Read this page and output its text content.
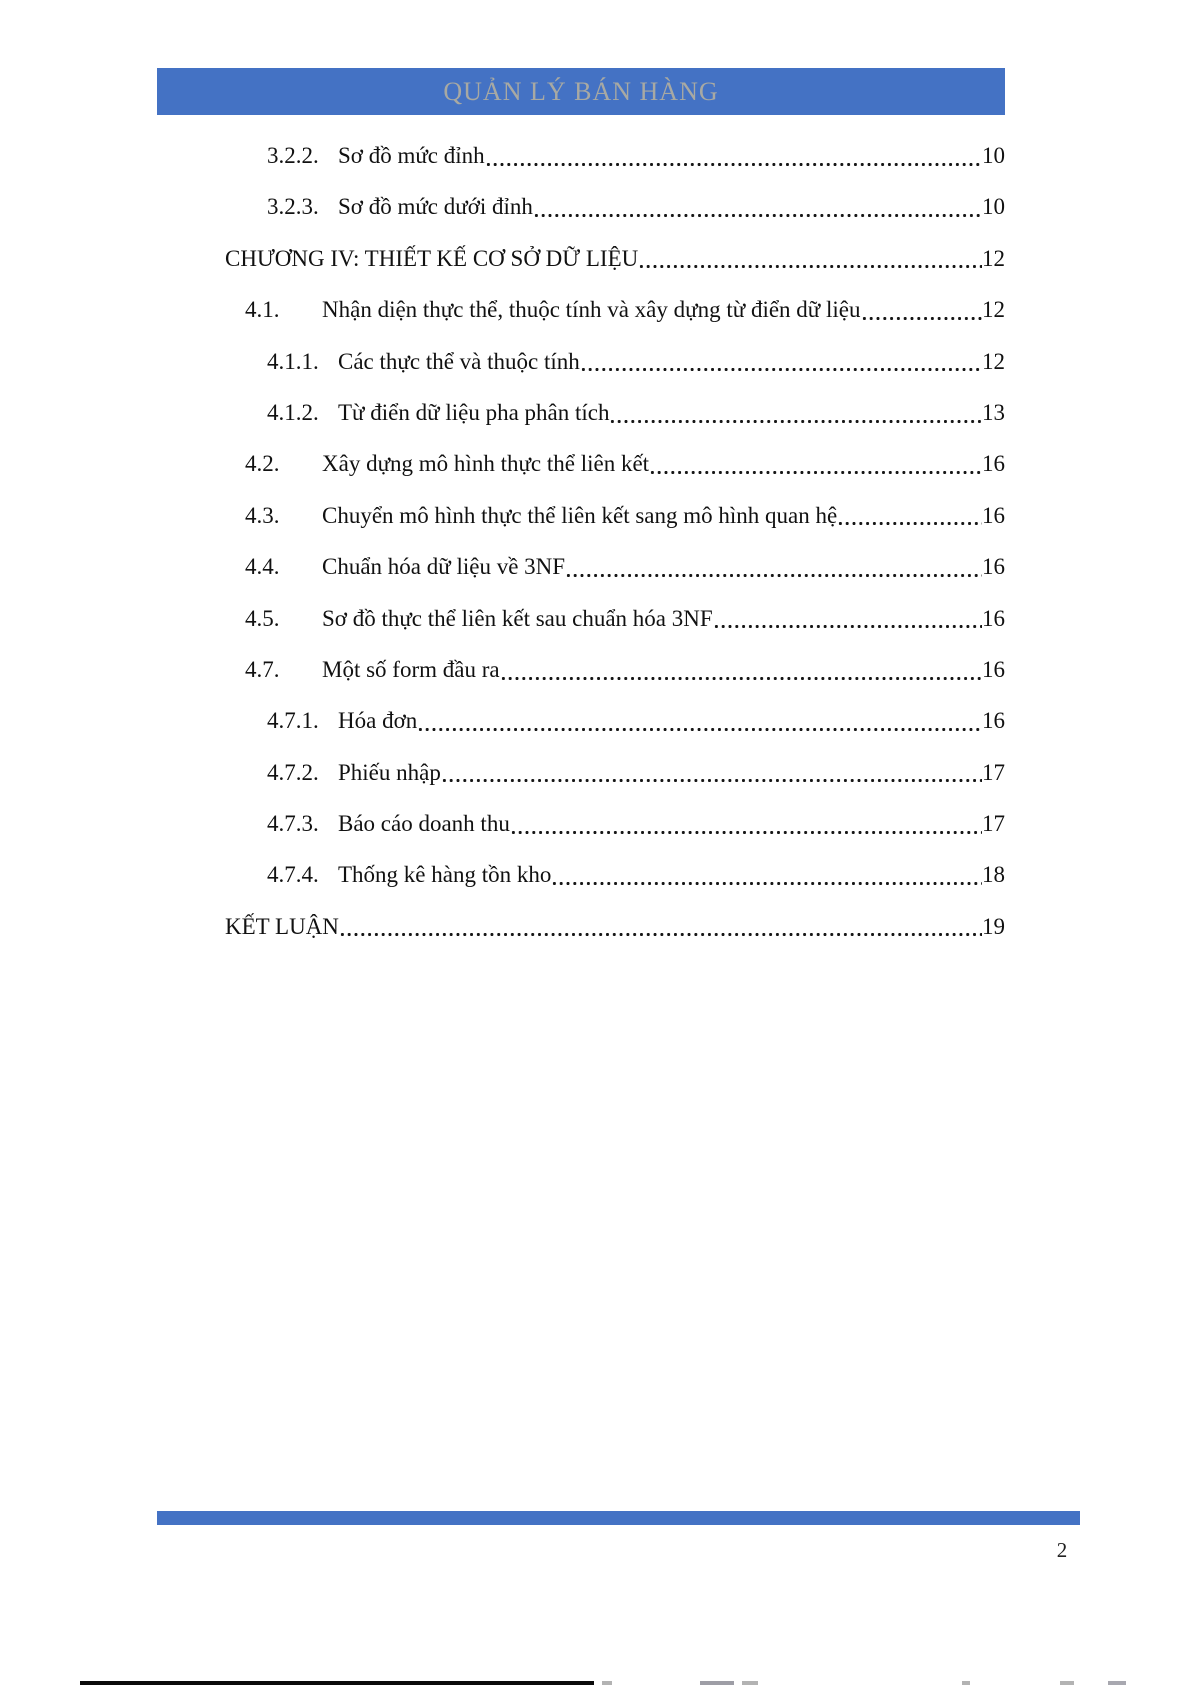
QUẢN LÝ BÁN HÀNG
3.2.2. Sơ đồ mức đỉnh	10
3.2.3. Sơ đồ mức dưới đỉnh	10
CHƯƠNG IV: THIẾT KẾ CƠ SỞ DỮ LIỆU	12
4.1.	Nhận diện thực thể, thuộc tính và xây dựng từ điển dữ liệu	12
4.1.1. Các thực thể và thuộc tính	12
4.1.2. Từ điển dữ liệu pha phân tích	13
4.2.	Xây dựng mô hình thực thể liên kết	16
4.3.	Chuyển mô hình thực thể liên kết sang mô hình quan hệ	16
4.4.	Chuẩn hóa dữ liệu về 3NF	16
4.5.	Sơ đồ thực thể liên kết sau chuẩn hóa 3NF	16
4.7.	Một số form đầu ra	16
4.7.1. Hóa đơn	16
4.7.2. Phiếu nhập	17
4.7.3. Báo cáo doanh thu	17
4.7.4. Thống kê hàng tồn kho	18
KẾT LUẬN	19
2
